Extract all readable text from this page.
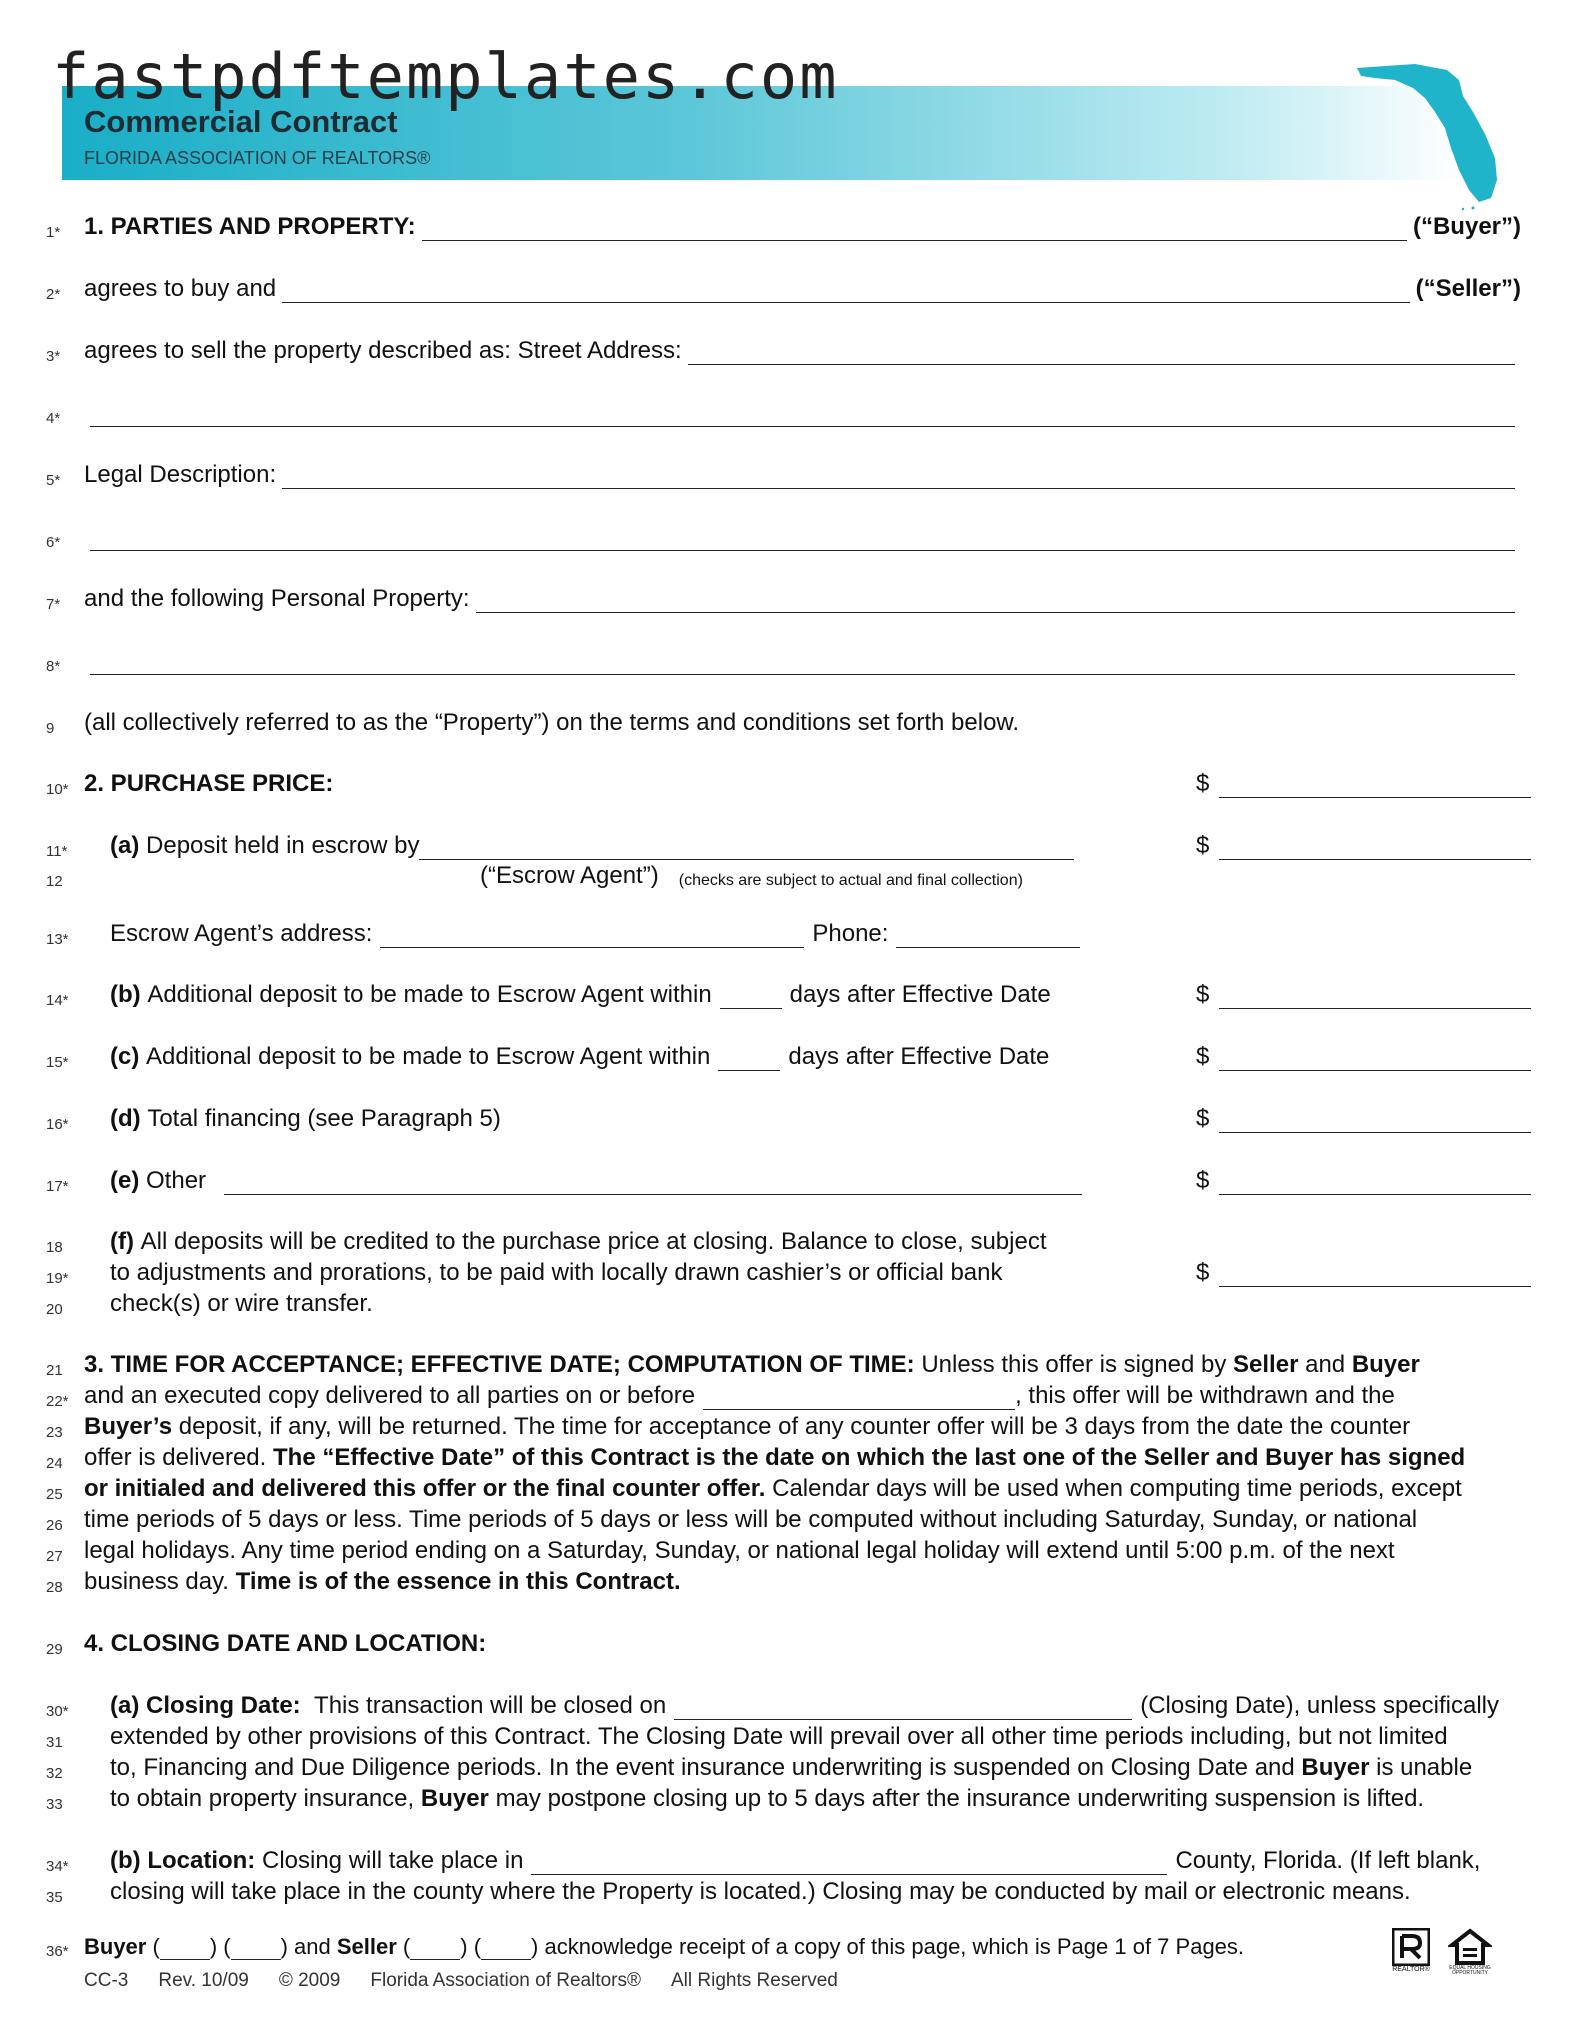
fastpdftemplates.com
Commercial Contract
FLORIDA ASSOCIATION OF REALTORS®
1* 1. PARTIES AND PROPERTY:	(“Buyer”)
2* agrees to buy and	(“Seller”)
3* agrees to sell the property described as: Street Address:
4*
5* Legal Description:
6*
7* and the following Personal Property:
8*
9	(all collectively referred to as the “Property”) on the terms and conditions set forth below.
10* 2. PURCHASE PRICE:	$
11*	(a)
Deposit held in escrow by	$
12	(“Escrow Agent”)
(checks are subject to actual and final collection)
13*	Escrow Agent’s address:	Phone:
14*	(b)
Additional deposit to be made to Escrow Agent within	days after Effective Date	$
15*	(c)
Additional deposit to be made to Escrow Agent within	days after Effective Date	$
16*	(d)
Total financing (see Paragraph 5)	$
17*	(e)
Other	$
18	(f)
All deposits will be credited to the purchase price at closing. Balance to close, subject
19*	to adjustments and prorations, to be paid with locally drawn cashier’s or official bank	$
20	check(s) or wire transfer.
21 3. TIME FOR ACCEPTANCE; EFFECTIVE DATE; COMPUTATION OF TIME:
Unless this offer is signed by
Seller
and
Buyer
22* and an executed copy delivered to all parties on or before	, this offer will be withdrawn and the
23 Buyer’s
deposit, if any, will be returned. The time for acceptance of any counter offer will be 3 days from the date the counter
24 offer is delivered.
The “Effective Date” of this Contract is the date on which the last one of the Seller and Buyer has signed
25 or initialed and delivered this offer or the final counter offer.
Calendar days will be used when computing time periods, except
26 time periods of 5 days or less. Time periods of 5 days or less will be computed without including Saturday, Sunday, or national
27 legal holidays. Any time period ending on a Saturday, Sunday, or national legal holiday will extend until 5:00 p.m. of the next
28 business day.
Time is of the essence in this Contract.
29 4. CLOSING DATE AND LOCATION:
30*	(a) Closing Date:
This transaction will be closed on	(Closing Date), unless specifically
31	extended by other provisions of this Contract. The Closing Date will prevail over all other time periods including, but not limited
32	to, Financing and Due Diligence periods. In the event insurance underwriting is suspended on Closing Date and
Buyer
is unable
33	to obtain property insurance,
Buyer
may postpone closing up to 5 days after the insurance underwriting suspension is lifted.
34*	(b) Location:
Closing will take place in	County, Florida. (If left blank,
35	closing will take place in the county where the Property is located.) Closing may be conducted by mail or electronic means.
36* Buyer ( ) ( ) and
Seller ( ) ( ) acknowledge receipt of a copy of this page, which is Page 1 of 7 Pages.
CC-3 Rev. 10/09 © 2009 Florida Association of Realtors® All Rights Reserved
REALTOR®	EQUAL HOUSING OPPORTUNITY
